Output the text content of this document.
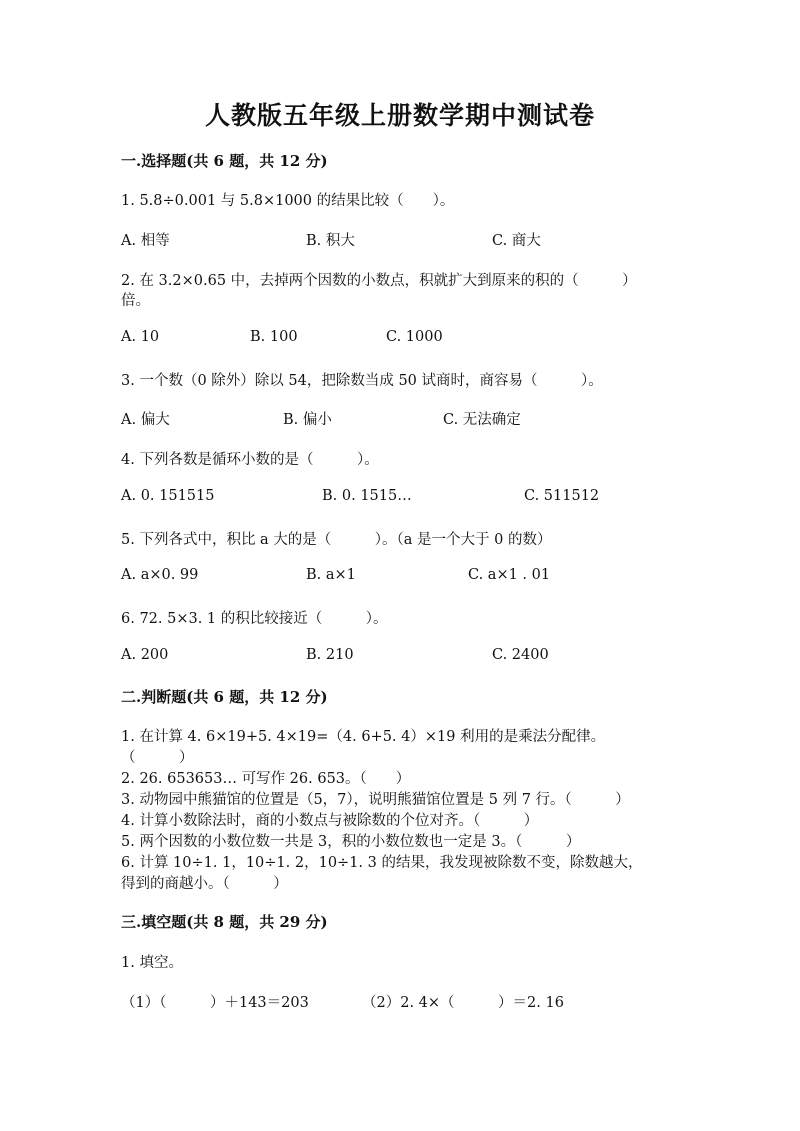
人教版五年级上册数学期中测试卷
一.选择题(共 6 题，共 12 分)
1. 5.8÷0.001 与 5.8×1000 的结果比较（　　）。
A. 相等	B. 积大	C. 商大
2. 在 3.2×0.65 中，去掉两个因数的小数点，积就扩大到原来的积的（　　　）
倍。
A. 10	B. 100	C. 1000
3. 一个数（0 除外）除以 54，把除数当成 50 试商时，商容易（　　　）。
A. 偏大	B. 偏小	C. 无法确定
4. 下列各数是循环小数的是（　　　）。
A. 0. 151515	B. 0. 1515…	C. 511512
5. 下列各式中，积比 a 大的是（　　　）。（a 是一个大于 0 的数）
A. a×0. 99	B. a×1	C. a×1 . 01
6. 72. 5×3. 1 的积比较接近（　　　）。
A. 200	B. 210	C. 2400
二.判断题(共 6 题，共 12 分)
1. 在计算 4. 6×19+5. 4×19=（4. 6+5. 4）×19 利用的是乘法分配律。
（　　　）
2. 26. 653653… 可写作 26. 653。（　　）
3. 动物园中熊猫馆的位置是（5，7），说明熊猫馆位置是 5 列 7 行。（　　　）
4. 计算小数除法时，商的小数点与被除数的个位对齐。（　　　）
5. 两个因数的小数位数一共是 3，积的小数位数也一定是 3。（　　　）
6. 计算 10÷1. 1，10÷1. 2，10÷1. 3 的结果，我发现被除数不变，除数越大，
得到的商越小。（　　　）
三.填空题(共 8 题，共 29 分)
1. 填空。
（1）（　　　）＋143＝203	（2）2. 4×（　　　）＝2. 16
